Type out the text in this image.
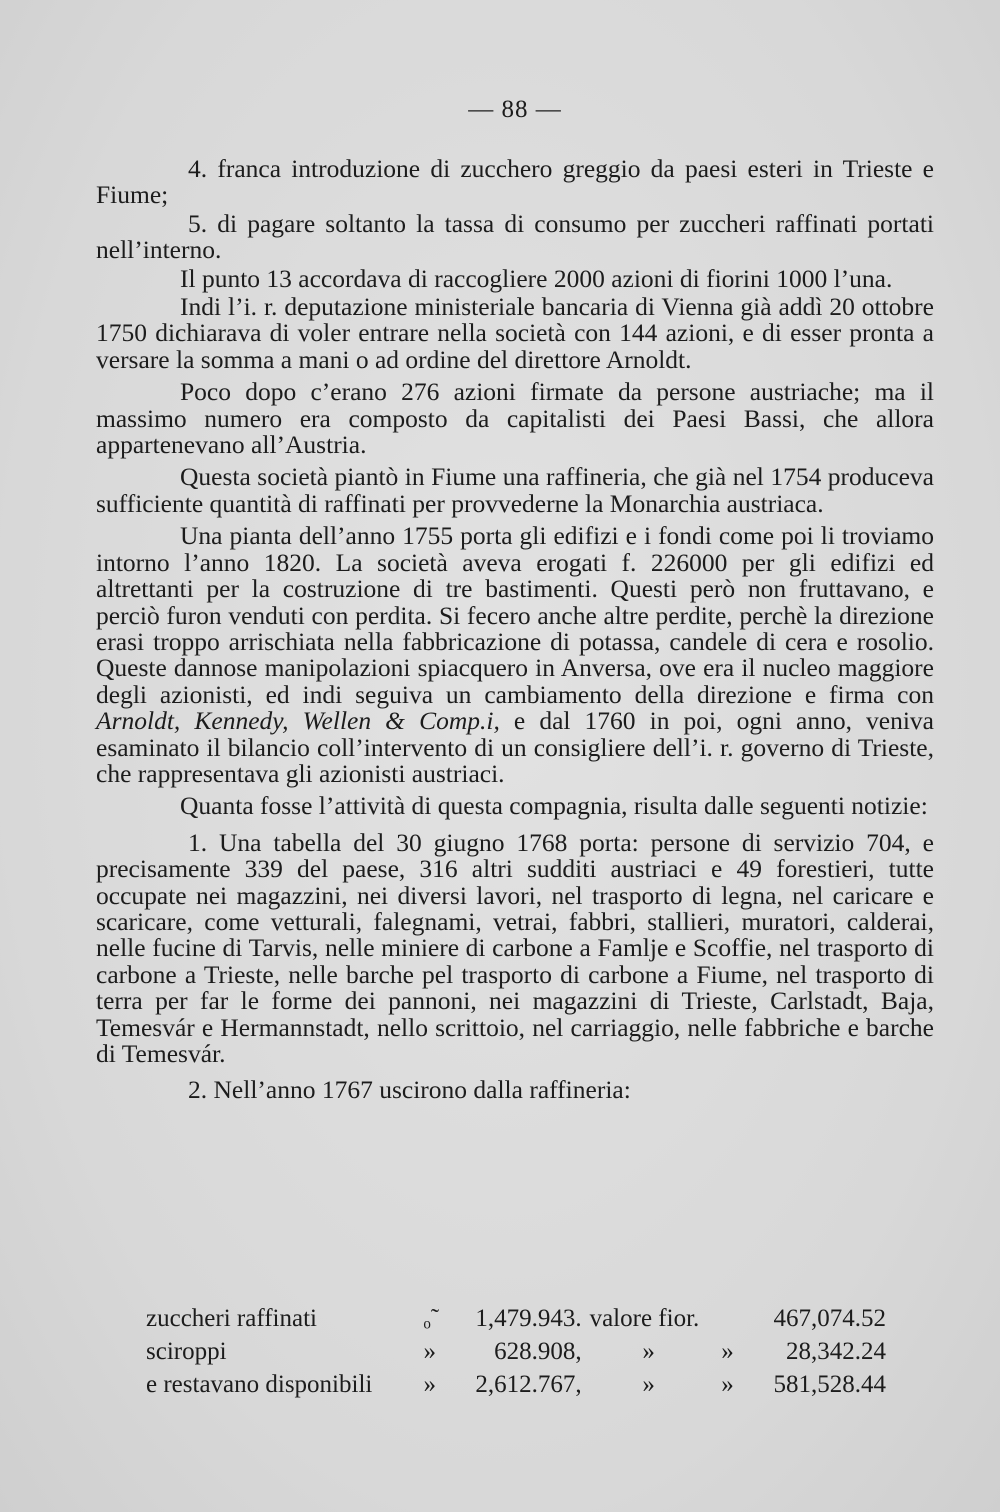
— 88 —

4. franca introduzione di zucchero greggio da paesi esteri in Trieste e Fiume;

5. di pagare soltanto la tassa di consumo per zuccheri raffinati portati nell’interno.

Il punto 13 accordava di raccogliere 2000 azioni di fiorini 1000 l’una.

Indi l’i. r. deputazione ministeriale bancaria di Vienna già addì 20 ottobre 1750 dichiarava di voler entrare nella società con 144 azioni, e di esser pronta a versare la somma a mani o ad ordine del direttore Arnoldt.

Poco dopo c’erano 276 azioni firmate da persone austriache; ma il massimo numero era composto da capitalisti dei Paesi Bassi, che allora appartenevano all’Austria.

Questa società piantò in Fiume una raffineria, che già nel 1754 produceva sufficiente quantità di raffinati per provvederne la Monarchia austriaca.

Una pianta dell’anno 1755 porta gli edifizi e i fondi come poi li troviamo intorno l’anno 1820. La società aveva erogati f. 226000 per gli edifizi ed altrettanti per la costruzione di tre bastimenti. Questi però non fruttavano, e perciò furon venduti con perdita. Si fecero anche altre perdite, perchè la direzione erasi troppo arrischiata nella fabbricazione di potassa, candele di cera e rosolio. Queste dannose manipolazioni spiacquero in Anversa, ove era il nucleo maggiore degli azionisti, ed indi seguiva un cambiamento della direzione e firma con Arnoldt, Kennedy, Wellen & Comp.i, e dal 1760 in poi, ogni anno, veniva esaminato il bilancio coll’intervento di un consigliere dell’i. r. governo di Trieste, che rappresentava gli azionisti austriaci.

Quanta fosse l’attività di questa compagnia, risulta dalle seguenti notizie:

1. Una tabella del 30 giugno 1768 porta: persone di servizio 704, e precisamente 339 del paese, 316 altri sudditi austriaci e 49 forestieri, tutte occupate nei magazzini, nei diversi lavori, nel trasporto di legna, nel caricare e scaricare, come vetturali, falegnami, vetrai, fabbri, stallieri, muratori, calderai, nelle fucine di Tarvis, nelle miniere di carbone a Famlje e Scoffie, nel trasporto di carbone a Trieste, nelle barche pel trasporto di carbone a Fiume, nel trasporto di terra per far le forme dei pannoni, nei magazzini di Trieste, Carlstadt, Baja, Temesvár e Hermannstadt, nello scrittoio, nel carriaggio, nelle fabbriche e barche di Temesvár.

2. Nell’anno 1767 uscirono dalla raffineria:

zuccheri raffinati	ₒ̃	1,479.943.	valore fior.		467,074.52
sciroppi	»	628.908,	»	»	28,342.24
e restavano disponibili	»	2,612.767,	»	»	581,528.44
